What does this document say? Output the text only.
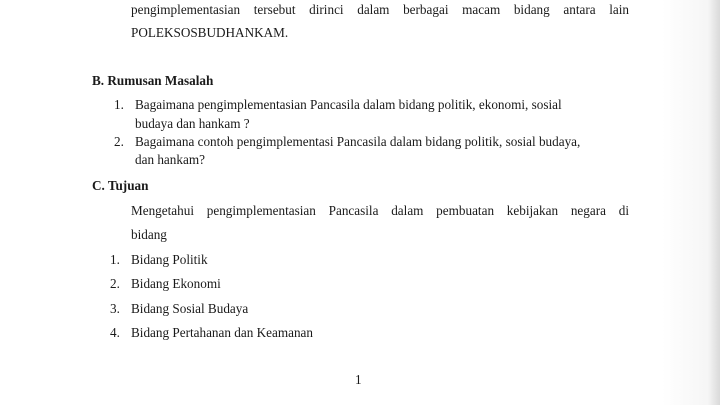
pengimplementasian tersebut dirinci dalam berbagai macam bidang antara lain
POLEKSOSBUDHANKAM.
B. Rumusan Masalah
1. Bagaimana pengimplementasian Pancasila dalam bidang politik, ekonomi, sosial
budaya dan hankam ?
2. Bagaimana contoh pengimplementasi Pancasila dalam bidang politik, sosial budaya,
dan hankam?
C. Tujuan
Mengetahui pengimplementasian Pancasila dalam pembuatan kebijakan negara di
bidang
1. Bidang Politik
2. Bidang Ekonomi
3. Bidang Sosial Budaya
4. Bidang Pertahanan dan Keamanan
1
